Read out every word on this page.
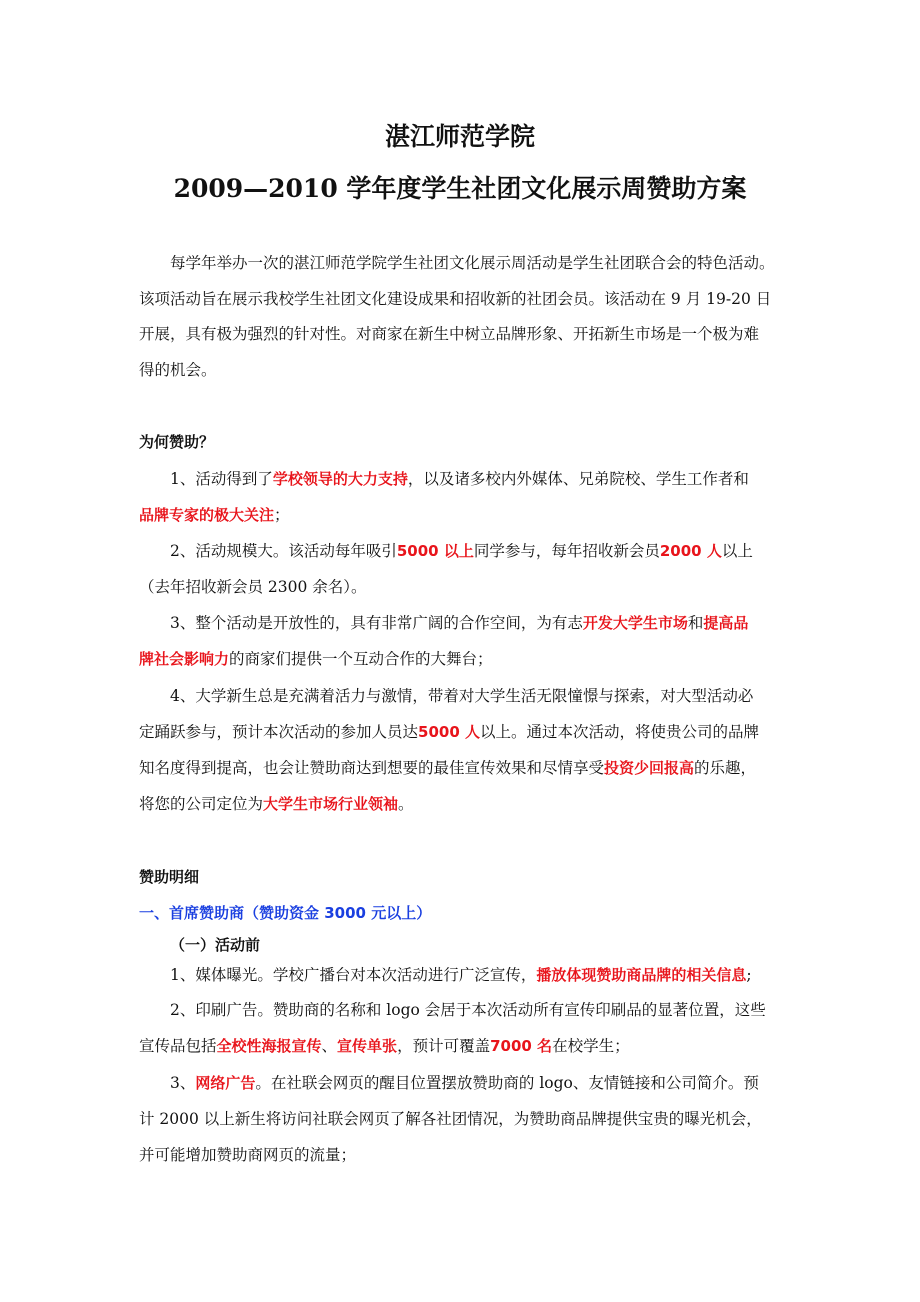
湛江师范学院
2009—2010 学年度学生社团文化展示周赞助方案
每学年举办一次的湛江师范学院学生社团文化展示周活动是学生社团联合会的特色活动。
该项活动旨在展示我校学生社团文化建设成果和招收新的社团会员。该活动在 9 月 19-20 日
开展，具有极为强烈的针对性。对商家在新生中树立品牌形象、开拓新生市场是一个极为难
得的机会。
为何赞助？
1、活动得到了学校领导的大力支持，以及诸多校内外媒体、兄弟院校、学生工作者和
品牌专家的极大关注；
2、活动规模大。该活动每年吸引5000 以上同学参与，每年招收新会员2000 人以上
（去年招收新会员 2300 余名）。
3、整个活动是开放性的，具有非常广阔的合作空间，为有志开发大学生市场和提高品
牌社会影响力的商家们提供一个互动合作的大舞台；
4、大学新生总是充满着活力与激情，带着对大学生活无限憧憬与探索，对大型活动必
定踊跃参与，预计本次活动的参加人员达5000 人以上。通过本次活动，将使贵公司的品牌
知名度得到提高，也会让赞助商达到想要的最佳宣传效果和尽情享受投资少回报高的乐趣，
将您的公司定位为大学生市场行业领袖。
赞助明细
一、首席赞助商（赞助资金 3000 元以上）
（一）活动前
1、媒体曝光。学校广播台对本次活动进行广泛宣传，播放体现赞助商品牌的相关信息;
2、印刷广告。赞助商的名称和 logo 会居于本次活动所有宣传印刷品的显著位置，这些
宣传品包括全校性海报宣传、宣传单张，预计可覆盖7000 名在校学生；
3、网络广告。在社联会网页的醒目位置摆放赞助商的 logo、友情链接和公司简介。预
计 2000 以上新生将访问社联会网页了解各社团情况，为赞助商品牌提供宝贵的曝光机会，
并可能增加赞助商网页的流量；
